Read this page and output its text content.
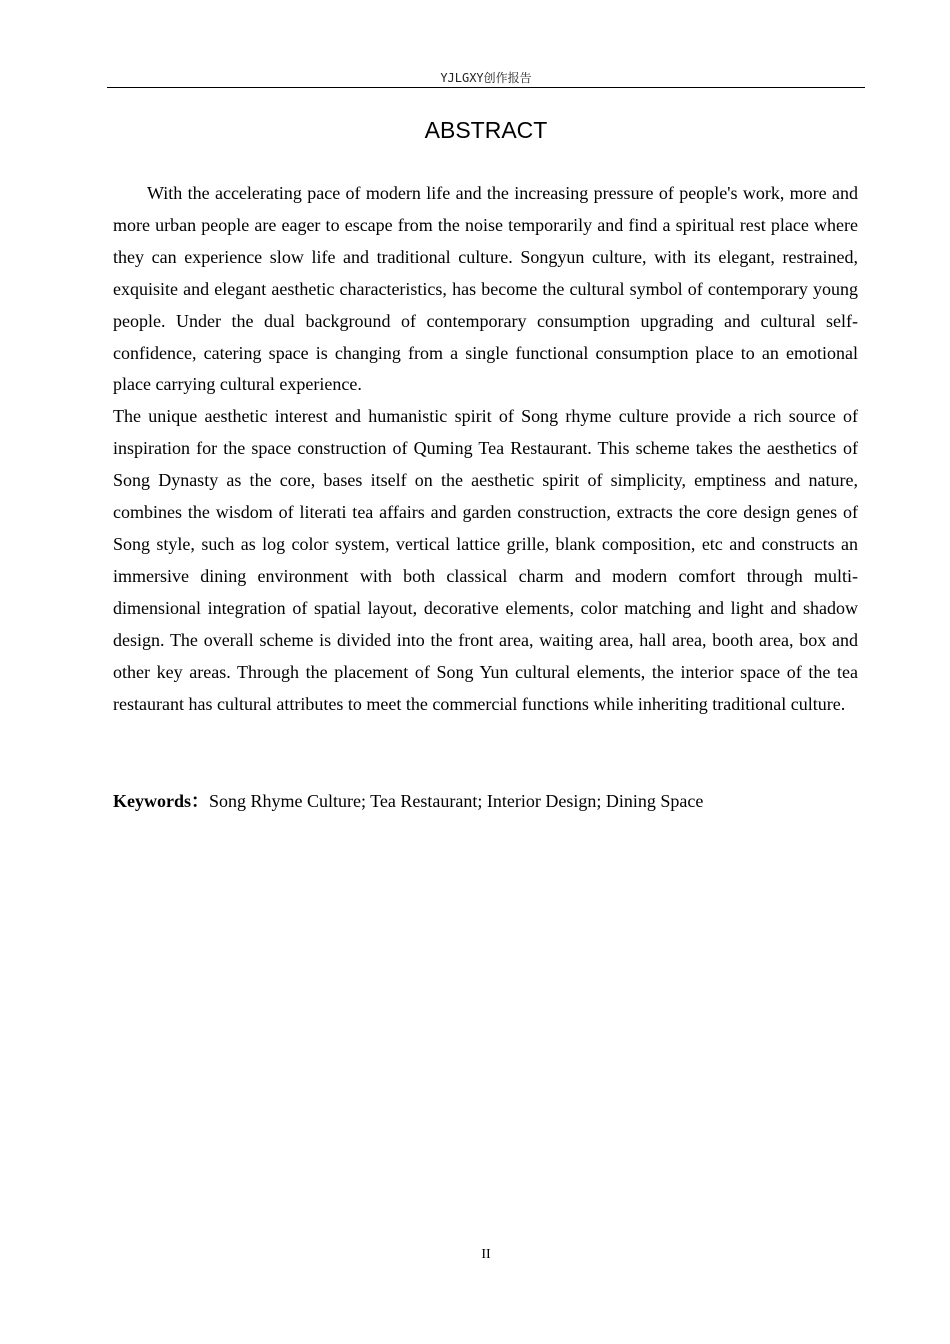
YJLGXY创作报告
ABSTRACT

With the accelerating pace of modern life and the increasing pressure of people's work, more and more urban people are eager to escape from the noise temporarily and find a spiritual rest place where they can experience slow life and traditional culture. Songyun culture, with its elegant, restrained, exquisite and elegant aesthetic characteristics, has become the cultural symbol of contemporary young people. Under the dual background of contemporary consumption upgrading and cultural self-confidence, catering space is changing from a single functional consumption place to an emotional place carrying cultural experience.

The unique aesthetic interest and humanistic spirit of Song rhyme culture provide a rich source of inspiration for the space construction of Quming Tea Restaurant. This scheme takes the aesthetics of Song Dynasty as the core, bases itself on the aesthetic spirit of simplicity, emptiness and nature, combines the wisdom of literati tea affairs and garden construction, extracts the core design genes of Song style, such as log color system, vertical lattice grille, blank composition, etc and constructs an immersive dining environment with both classical charm and modern comfort through multi-dimensional integration of spatial layout, decorative elements, color matching and light and shadow design. The overall scheme is divided into the front area, waiting area, hall area, booth area, box and other key areas. Through the placement of Song Yun cultural elements, the interior space of the tea restaurant has cultural attributes to meet the commercial functions while inheriting traditional culture.

Keywords：Song Rhyme Culture; Tea Restaurant; Interior Design; Dining Space

II
